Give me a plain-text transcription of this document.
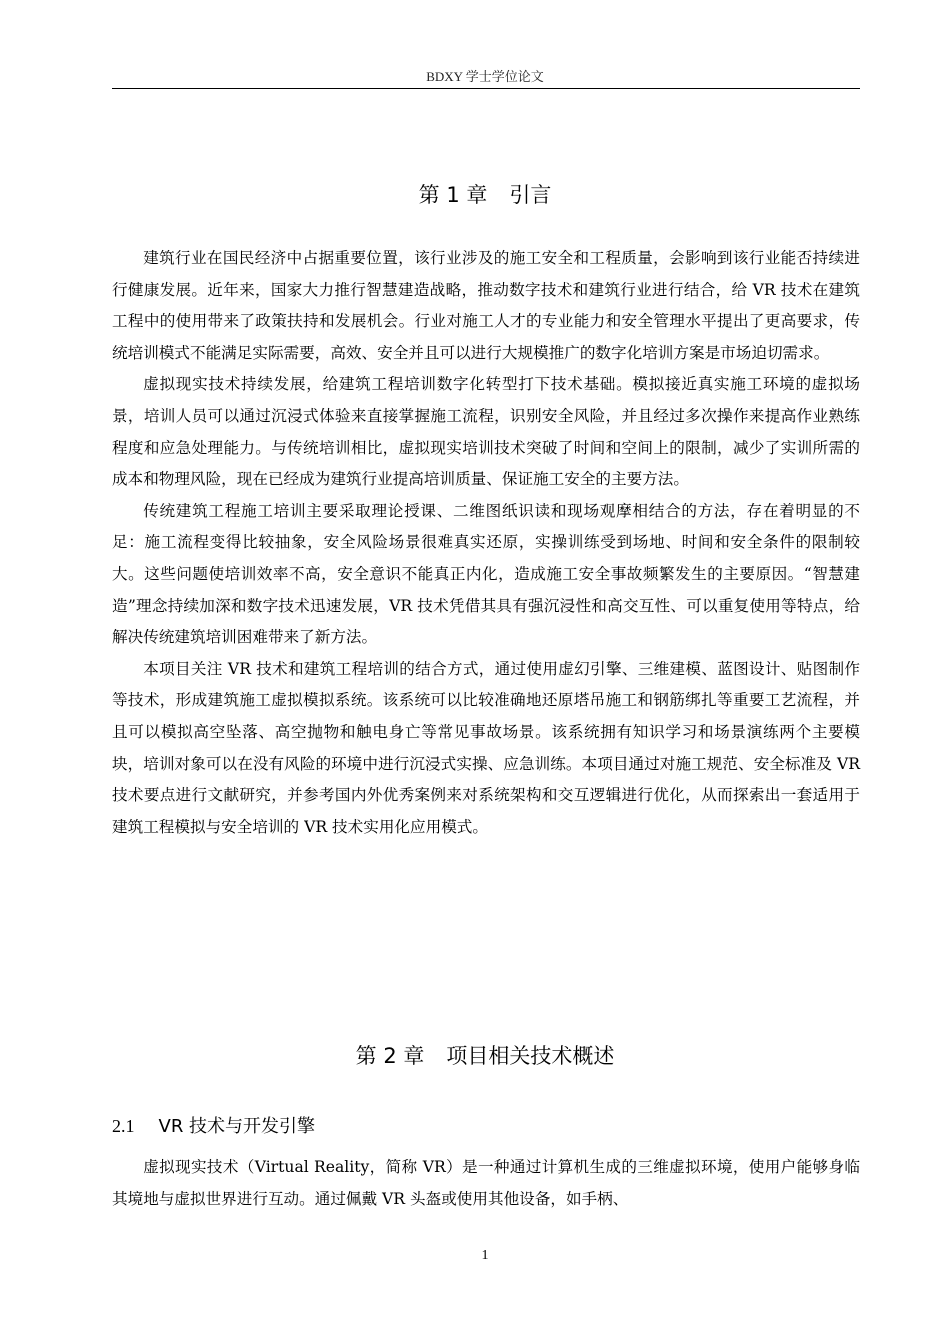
BDXY 学士学位论文
第 1 章 引言

建筑行业在国民经济中占据重要位置，该行业涉及的施工安全和工程质量，会影响到该行业能否持续进行健康发展。近年来，国家大力推行智慧建造战略，推动数字技术和建筑行业进行结合，给 VR 技术在建筑工程中的使用带来了政策扶持和发展机会。行业对施工人才的专业能力和安全管理水平提出了更高要求，传统培训模式不能满足实际需要，高效、安全并且可以进行大规模推广的数字化培训方案是市场迫切需求。

虚拟现实技术持续发展，给建筑工程培训数字化转型打下技术基础。模拟接近真实施工环境的虚拟场景，培训人员可以通过沉浸式体验来直接掌握施工流程，识别安全风险，并且经过多次操作来提高作业熟练程度和应急处理能力。与传统培训相比，虚拟现实培训技术突破了时间和空间上的限制，减少了实训所需的成本和物理风险，现在已经成为建筑行业提高培训质量、保证施工安全的主要方法。

传统建筑工程施工培训主要采取理论授课、二维图纸识读和现场观摩相结合的方法，存在着明显的不足：施工流程变得比较抽象，安全风险场景很难真实还原，实操训练受到场地、时间和安全条件的限制较大。这些问题使培训效率不高，安全意识不能真正内化，造成施工安全事故频繁发生的主要原因。“智慧建造”理念持续加深和数字技术迅速发展，VR 技术凭借其具有强沉浸性和高交互性、可以重复使用等特点，给解决传统建筑培训困难带来了新方法。

本项目关注 VR 技术和建筑工程培训的结合方式，通过使用虚幻引擎、三维建模、蓝图设计、贴图制作等技术，形成建筑施工虚拟模拟系统。该系统可以比较准确地还原塔吊施工和钢筋绑扎等重要工艺流程，并且可以模拟高空坠落、高空抛物和触电身亡等常见事故场景。该系统拥有知识学习和场景演练两个主要模块，培训对象可以在没有风险的环境中进行沉浸式实操、应急训练。本项目通过对施工规范、安全标准及 VR 技术要点进行文献研究，并参考国内外优秀案例来对系统架构和交互逻辑进行优化，从而探索出一套适用于建筑工程模拟与安全培训的 VR 技术实用化应用模式。

第 2 章 项目相关技术概述
2.1 VR 技术与开发引擎

虚拟现实技术（Virtual Reality，简称 VR）是一种通过计算机生成的三维虚拟环境，使用户能够身临其境地与虚拟世界进行互动。通过佩戴 VR 头盔或使用其他设备，如手柄、

1
